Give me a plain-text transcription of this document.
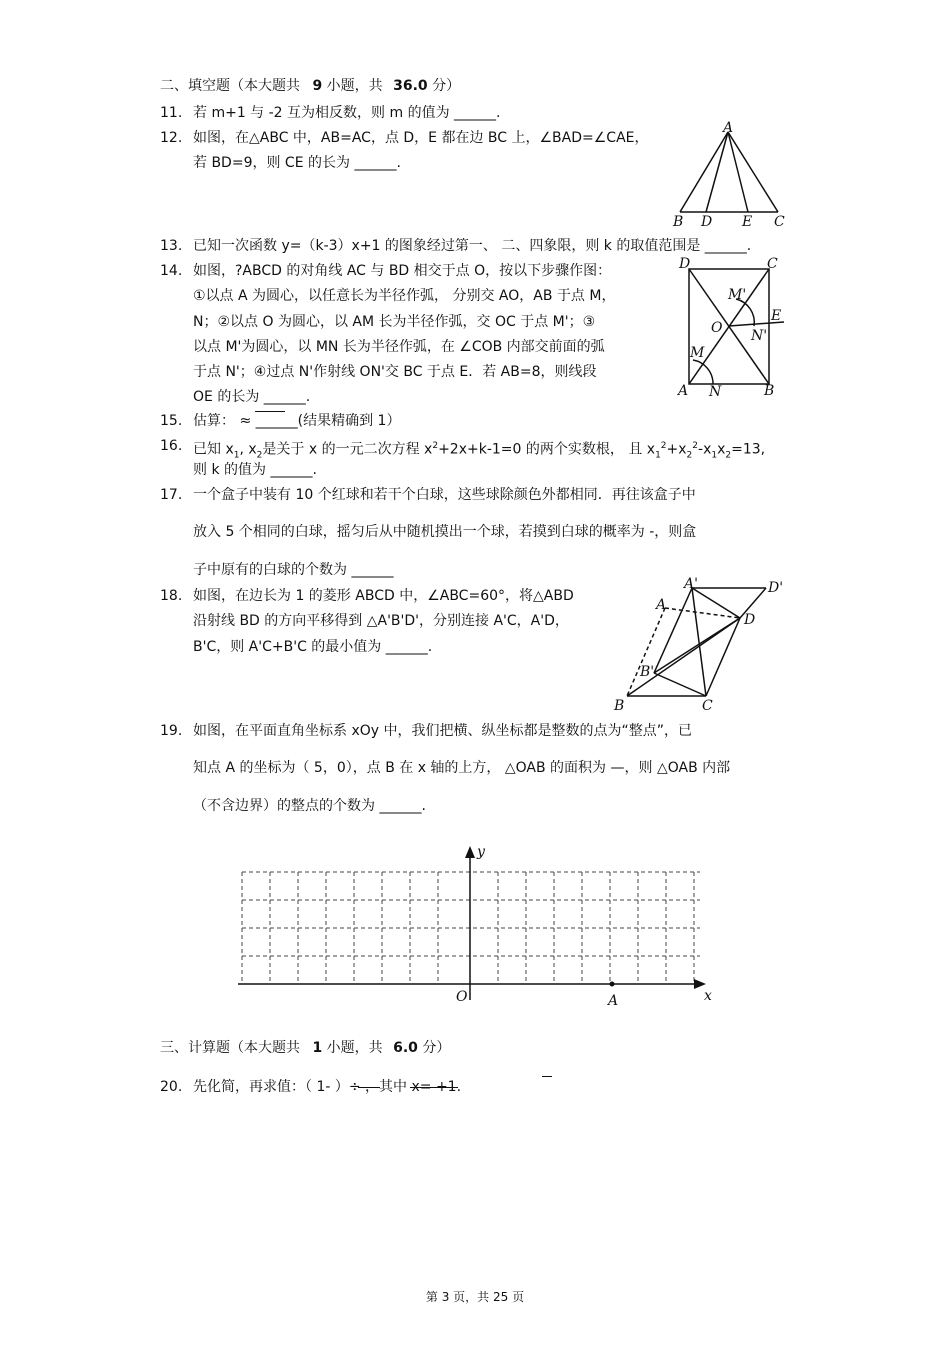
二、填空题（本大题共 9 小题，共 36.0 分）
11. 若 m+1 与 -2 互为相反数，则 m 的值为 ______.
12. 如图，在△ABC 中，AB=AC，点 D，E 都在边 BC 上，∠BAD=∠CAE，
若 BD=9，则 CE 的长为 ______.
A
B D E C
13. 已知一次函数 y=（k-3）x+1 的图象经过第一、 二、四象限，则 k 的取值范围是 ______.
14. 如图，?ABCD 的对角线 AC 与 BD 相交于点 O，按以下步骤作图：
①以点 A 为圆心，以任意长为半径作弧， 分别交 AO，AB 于点 M，
N；②以点 O 为圆心，以 AM 长为半径作弧，交 OC 于点 M'；③
以点 M'为圆心，以 MN 长为半径作弧，在 ∠COB 内部交前面的弧
于点 N'；④过点 N'作射线 ON'交 BC 于点 E．若 AB=8，则线段
OE 的长为 ______.
D	C
M'
E
O N'
M
A N	B
15. 估算： ≈ ______(结果精确到 1）
16. 已知 $x_1$, $x_2$是关于 x 的一元二次方程 $x^2+2x+k-1=0$ 的两个实数根， 且 $x_1^2+x_2^2-x_1x_2=13$,
则 k 的值为 ______.
17. 一个盒子中装有 10 个红球和若干个白球，这些球除颜色外都相同．再往该盒子中
放入 5 个相同的白球，摇匀后从中随机摸出一个球，若摸到白球的概率为 -，则盒
子中原有的白球的个数为 ______
18. 如图，在边长为 1 的菱形 ABCD 中，∠ABC=60°，将△ABD
沿射线 BD 的方向平移得到 △A'B'D'，分别连接 A'C，A'D，
B'C，则 A'C+B'C 的最小值为 ______.
A'	D'
A
D
B'
B	C
19. 如图，在平面直角坐标系 xOy 中，我们把横、纵坐标都是整数的点为“整点”，已
知点 A 的坐标为（ 5，0），点 B 在 x 轴的上方， △OAB 的面积为 —，则 △OAB 内部
（不含边界）的整点的个数为 ______.
y
x
O	A
三、计算题（本大题共 1 小题，共 6.0 分）
20. 先化简，再求值：（ 1- ）÷ ，其中 x= +1.
第 3 页，共 25 页
